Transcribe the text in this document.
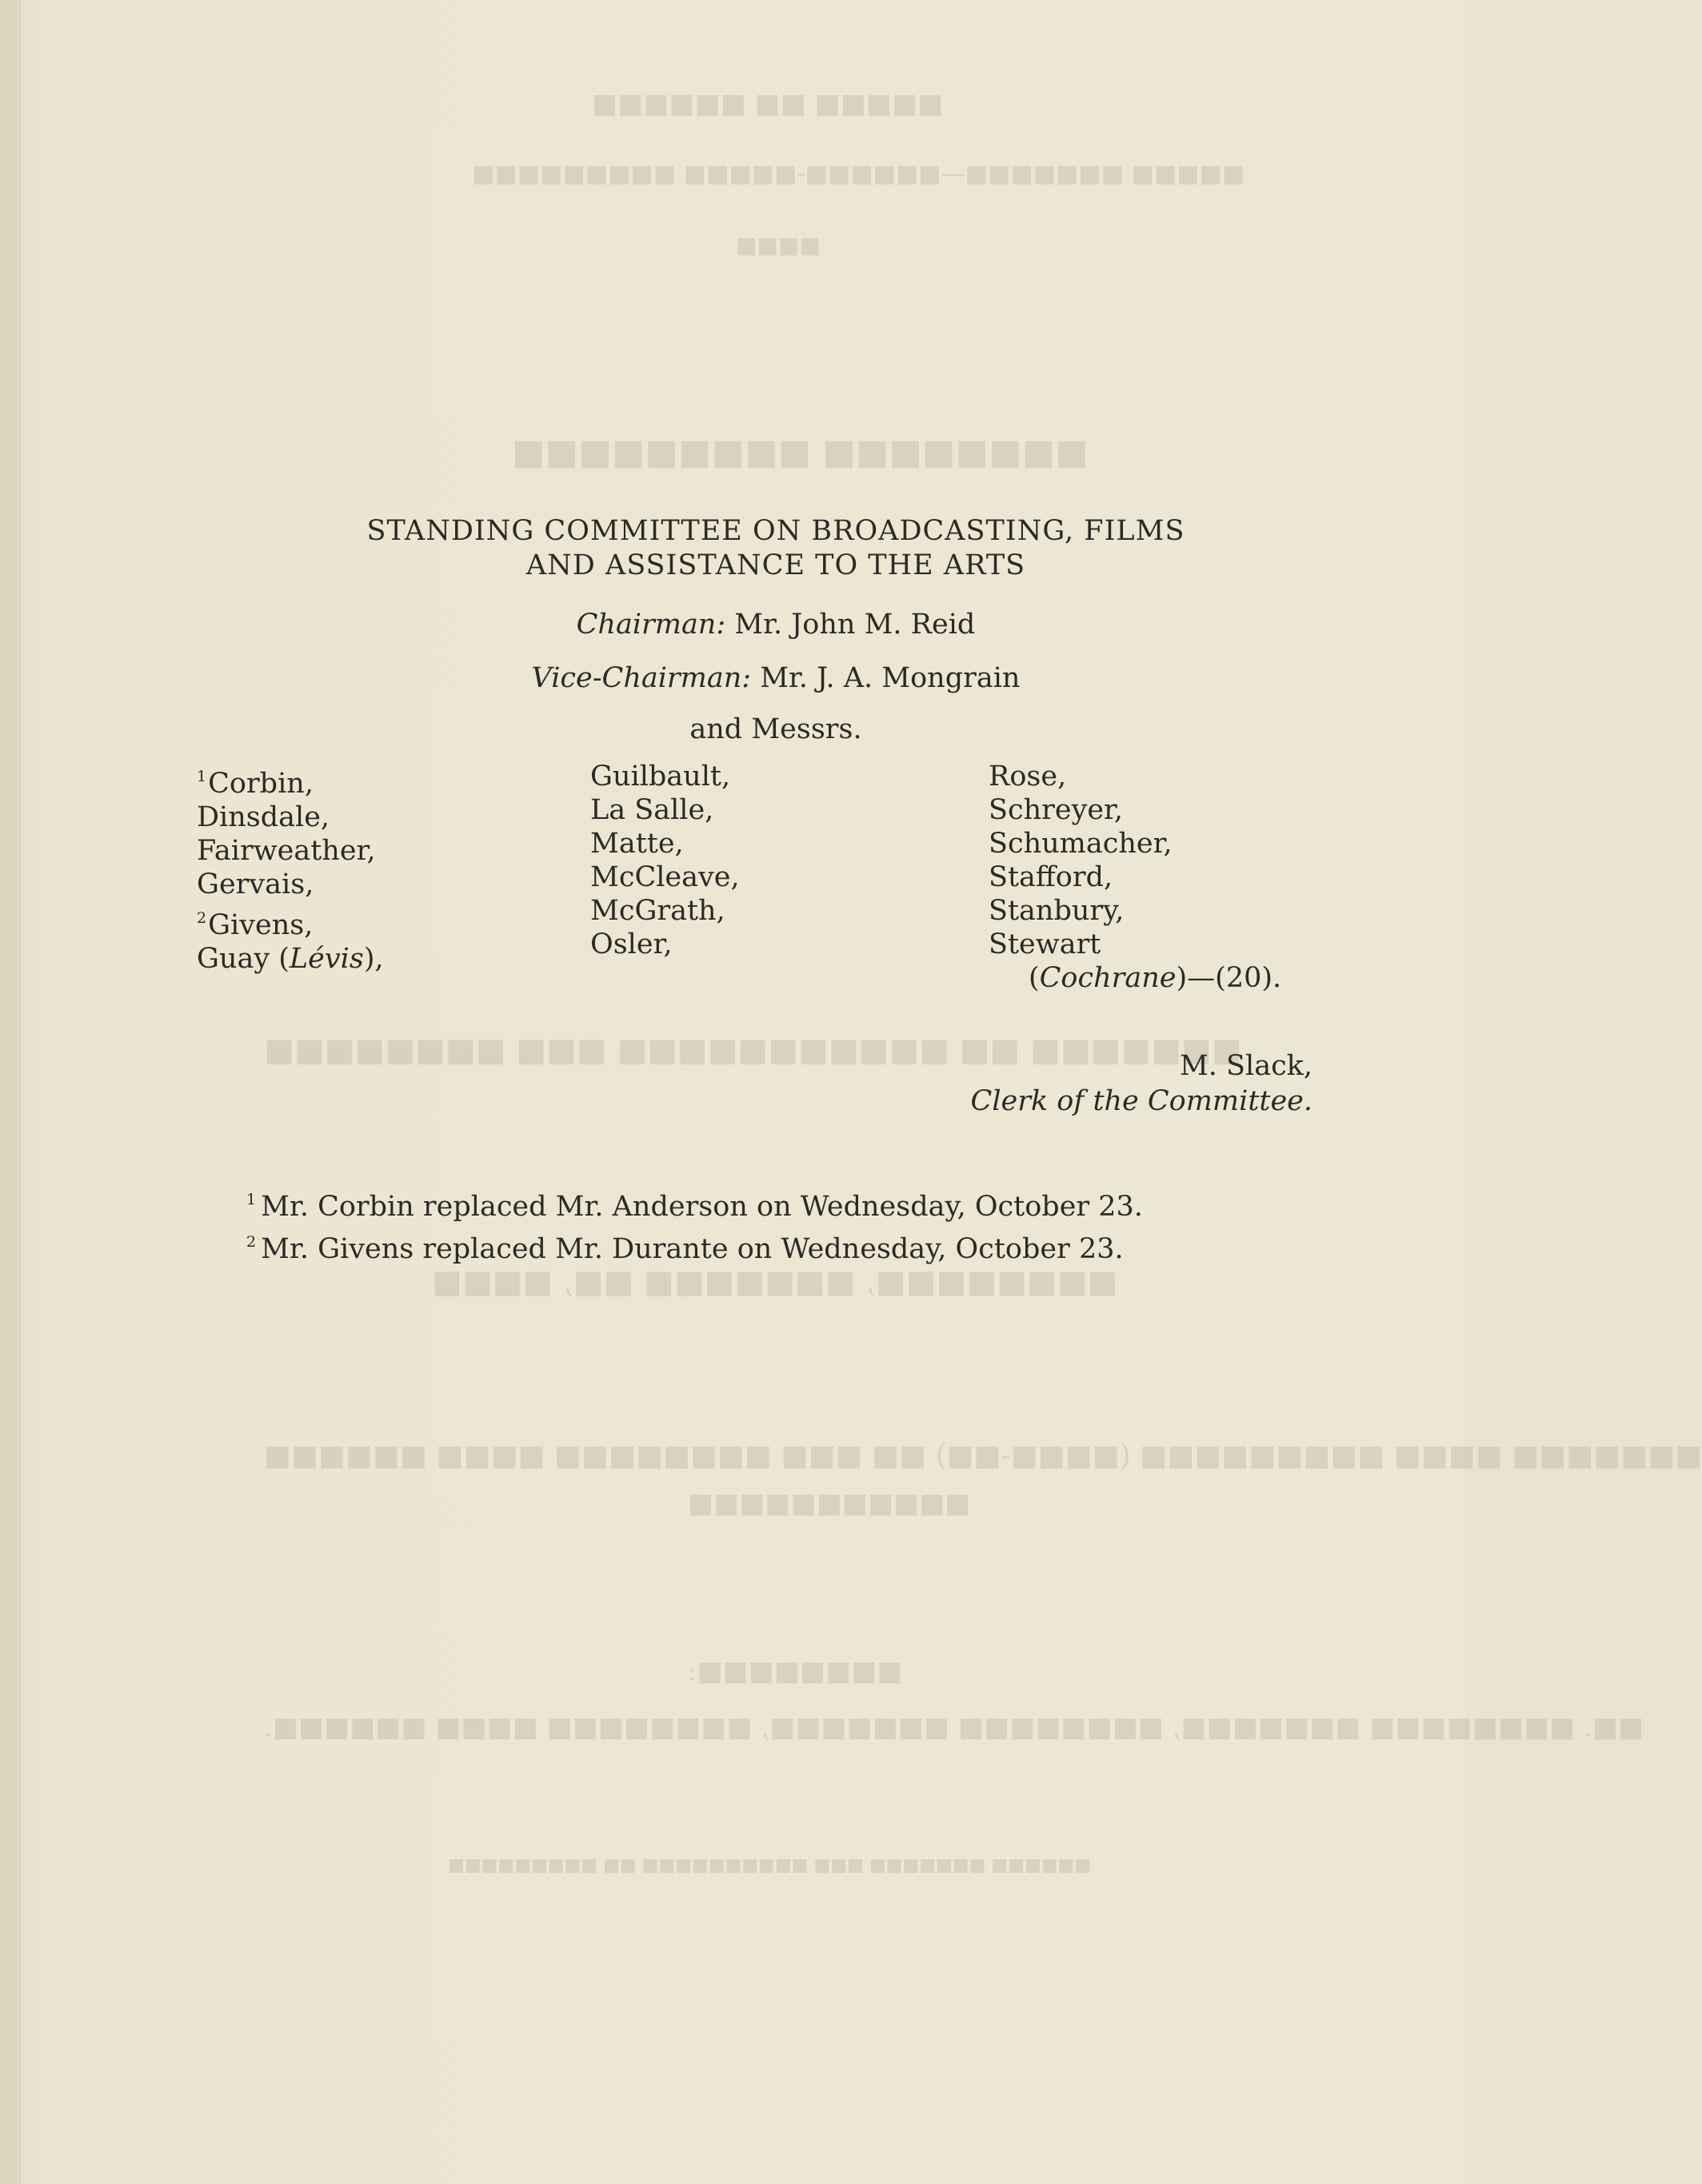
■■■■■ ■■ ■■■■■■
■■■■■ ■■■■■■■—■■■■■■-■■■■■ ■■■■■■■■■
■■■■
■■■■■■■■ ■■■■■■■■■
■■■■■■■ ■■ ■■■■■■■■■■■ ■■■ ■■■■■■■■
■■■■■■■■, ■■■■■■■ ■■, ■■■■
■■■■■■■ ■■■■ ■■■■■■■■■ (■■■■-■■) ■■ ■■■ ■■■■■■■■ ■■■■ ■■■■■■
■■■■■■■■■■■
■■■■■■■■:
■■. ■■■■■■■■ ■■■■■■■, ■■■■■■■■ ■■■■■■■, ■■■■■■■■ ■■■■ ■■■■■■.
■■■■■■ ■■■■■■■ ■■■ ■■■■■■■■■■ ■■ ■■■■■■■■■
STANDING COMMITTEE ON BROADCASTING, FILMS
AND ASSISTANCE TO THE ARTS
Chairman: Mr. John M. Reid
Vice-Chairman: Mr. J. A. Mongrain
and Messrs.
$^1$Corbin,
Dinsdale,
Fairweather,
Gervais,
$^2$Givens,
Guay (Lévis),
Guilbault,
La Salle,
Matte,
McCleave,
McGrath,
Osler,
Rose,
Schreyer,
Schumacher,
Stafford,
Stanbury,
Stewart
(Cochrane)—(20).
M. Slack,
Clerk of the Committee.
$^1$ Mr. Corbin replaced Mr. Anderson on Wednesday, October 23.
$^2$ Mr. Givens replaced Mr. Durante on Wednesday, October 23.
